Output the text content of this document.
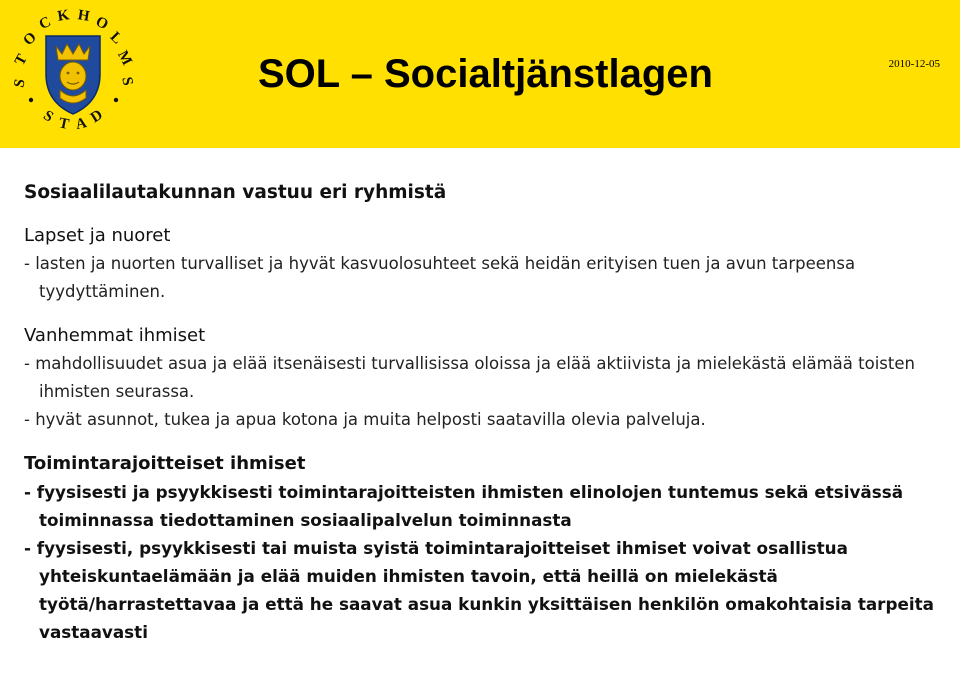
S
T
O
C K H O
L
M
S
S T A D
SOL – Socialtjänstlagen	2010-12-05

Sosiaalilautakunnan vastuu eri ryhmistä

Lapset ja nuoret

- lasten ja nuorten turvalliset ja hyvät kasvuolosuhteet sekä heidän erityisen tuen ja avun tarpeensa tyydyttäminen.

Vanhemmat ihmiset

- mahdollisuudet asua ja elää itsenäisesti turvallisissa oloissa ja elää aktiivista ja mielekästä elämää toisten ihmisten seurassa.

- hyvät asunnot, tukea ja apua kotona ja muita helposti saatavilla olevia palveluja.

Toimintarajoitteiset ihmiset

- fyysisesti ja psyykkisesti toimintarajoitteisten ihmisten elinolojen tuntemus sekä etsivässä toiminnassa tiedottaminen sosiaalipalvelun toiminnasta

- fyysisesti, psyykkisesti tai muista syistä toimintarajoitteiset ihmiset voivat osallistua yhteiskuntaelämään ja elää muiden ihmisten tavoin, että heillä on mielekästä työtä/harrastettavaa ja että he saavat asua kunkin yksittäisen henkilön omakohtaisia tarpeita vastaavasti
